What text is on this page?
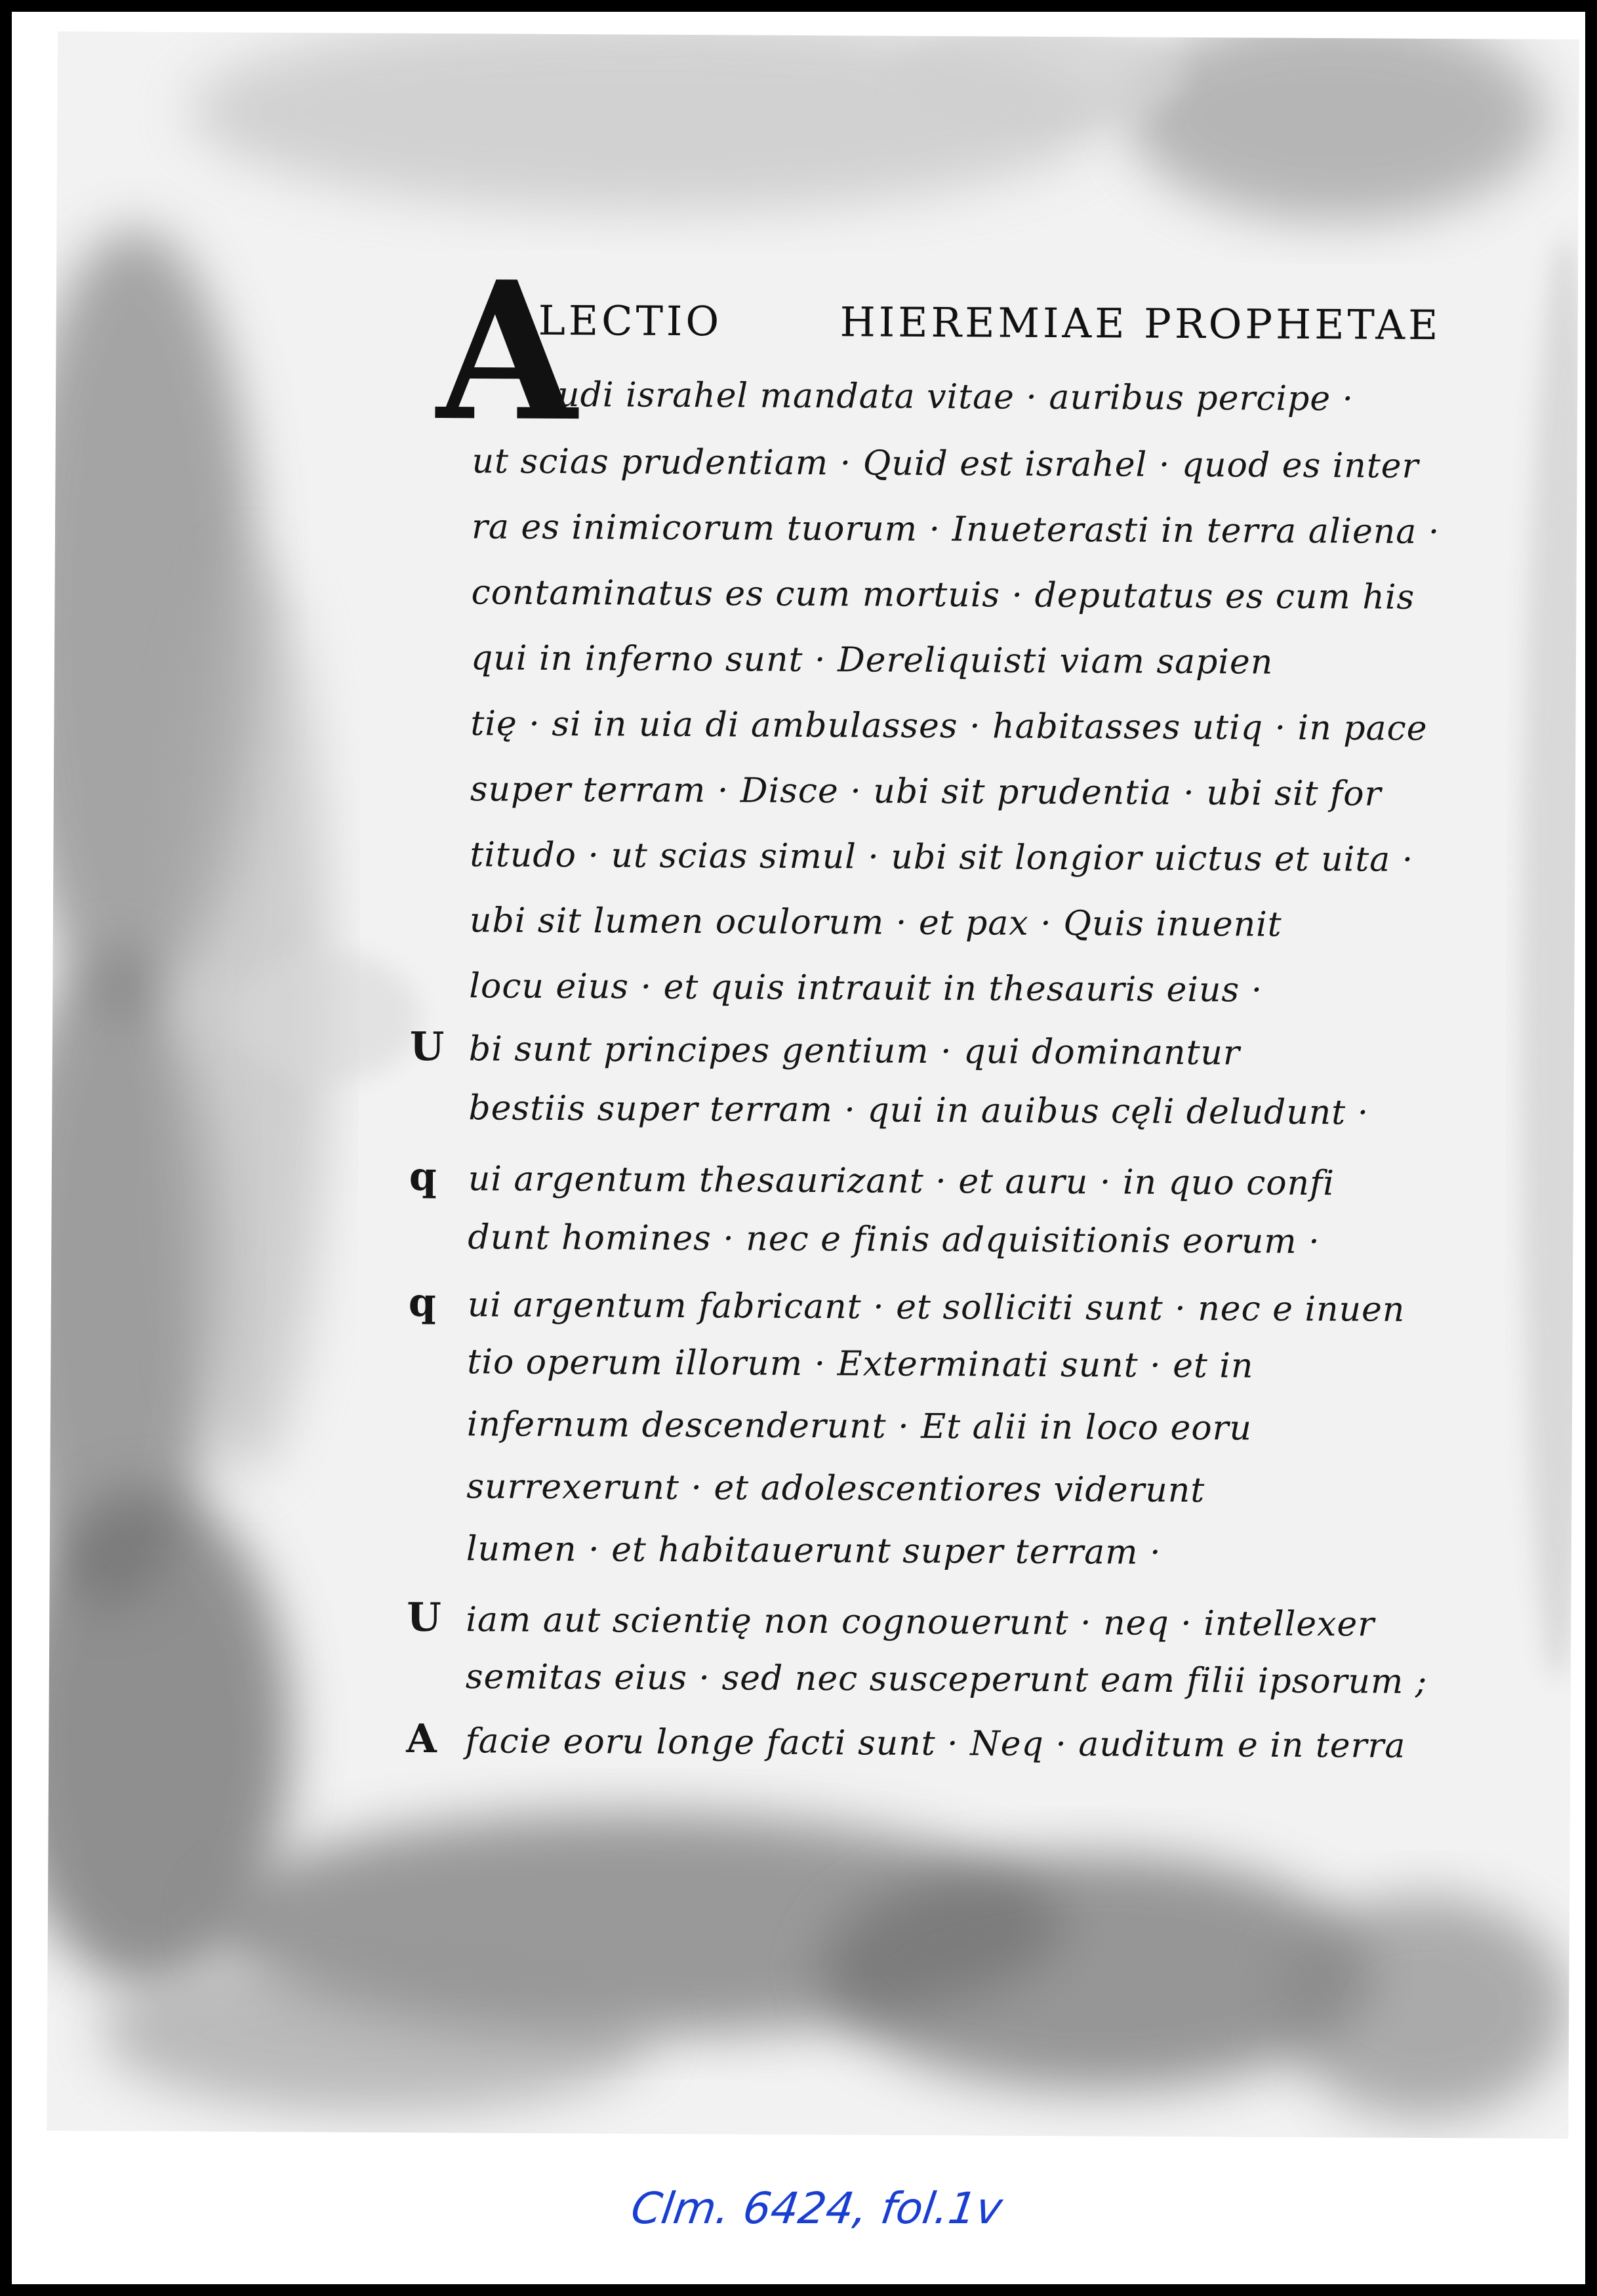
A
LECTIO	HIEREMIAE PROPHETAE
udi israhel mandata vitae · auribus percipe ·
ut scias prudentiam · Quid est israhel · quod es inter
ra es inimicorum tuorum · Inueterasti in terra aliena ·
contaminatus es cum mortuis · deputatus es cum his
qui in inferno sunt · Dereliquisti viam sapien
tię · si in uia di ambulasses · habitasses utiq · in pace
super terram · Disce · ubi sit prudentia · ubi sit for
titudo · ut scias simul · ubi sit longior uictus et uita ·
ubi sit lumen oculorum · et pax · Quis inuenit
locu eius · et quis intrauit in thesauris eius ·
U bi sunt principes gentium · qui dominantur
bestiis super terram · qui in auibus cęli deludunt ·
q ui argentum thesaurizant · et auru · in quo confi
dunt homines · nec e finis adquisitionis eorum ·
q ui argentum fabricant · et solliciti sunt · nec e inuen
tio operum illorum · Exterminati sunt · et in
infernum descenderunt · Et alii in loco eoru
surrexerunt · et adolescentiores viderunt
lumen · et habitauerunt super terram ·
U iam aut scientię non cognouerunt · neq · intellexer
semitas eius · sed nec susceperunt eam filii ipsorum ;
A facie eoru longe facti sunt · Neq · auditum e in terra
Clm. 6424, fol.1v
